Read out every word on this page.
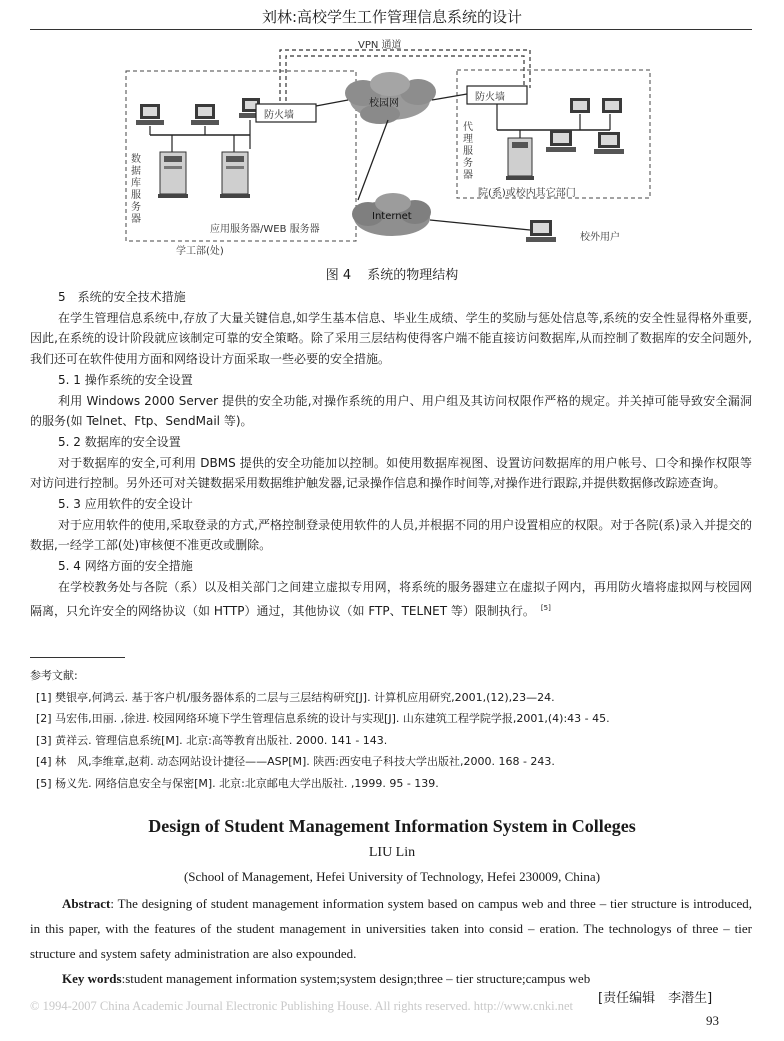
刘林:高校学生工作管理信息系统的设计
VPN 通道
校园网
Internet
防火墙
防火墙
数据库服务器
应用服务器/WEB 服务器
学工部(处)
代理服务器
院(系)或校内其它部门
校外用户
图 4 系统的物理结构

5　系统的安全技术措施

在学生管理信息系统中,存放了大量关键信息,如学生基本信息、毕业生成绩、学生的奖励与惩处信息等,系统的安全性显得格外重要,因此,在系统的设计阶段就应该制定可靠的安全策略。除了采用三层结构使得客户端不能直接访问数据库,从而控制了数据库的安全问题外,我们还可在软件使用方面和网络设计方面采取一些必要的安全措施。

5. 1 操作系统的安全设置

利用 Windows 2000 Server 提供的安全功能,对操作系统的用户、用户组及其访问权限作严格的规定。并关掉可能导致安全漏洞的服务(如 Telnet、Ftp、SendMail 等)。

5. 2 数据库的安全设置

对于数据库的安全,可利用 DBMS 提供的安全功能加以控制。如使用数据库视图、设置访问数据库的用户帐号、口令和操作权限等对访问进行控制。另外还可对关键数据采用数据维护触发器,记录操作信息和操作时间等,对操作进行跟踪,并提供数据修改踪迹查询。

5. 3 应用软件的安全设计

对于应用软件的使用,采取登录的方式,严格控制登录使用软件的人员,并根据不同的用户设置相应的权限。对于各院(系)录入并提交的数据,一经学工部(处)审核便不准更改或删除。

5. 4 网络方面的安全措施

在学校教务处与各院（系）以及相关部门之间建立虚拟专用网，将系统的服务器建立在虚拟子网内，再用防火墙将虚拟网与校园网隔离，只允许安全的网络协议（如 HTTP）通过，其他协议（如 FTP、TELNET 等）限制执行。 [5]

参考文献:

[1] 樊银亭,何鸿云. 基于客户机/服务器体系的二层与三层结构研究[J]. 计算机应用研究,2001,(12),23—24.

[2] 马宏伟,田丽. ,徐进. 校园网络环境下学生管理信息系统的设计与实现[J]. 山东建筑工程学院学报,2001,(4):43 - 45.

[3] 黄祥云. 管理信息系统[M]. 北京:高等教育出版社. 2000. 141 - 143.

[4] 林　风,李维章,赵莉. 动态网站设计捷径——ASP[M]. 陕西:西安电子科技大学出版社,2000. 168 - 243.

[5] 杨义先. 网络信息安全与保密[M]. 北京:北京邮电大学出版社. ,1999. 95 - 139.

Design of Student Management Information System in Colleges
LIU Lin
(School of Management, Hefei University of Technology, Hefei 230009, China)

Abstract: The designing of student management information system based on campus web and three – tier structure is introduced, in this paper, with the features of the student management in universities taken into consid – eration. The technologys of three – tier structure and system safety administration are also expounded.

Key words:student management information system;system design;three – tier structure;campus web

[责任编辑　李潜生]
© 1994-2007 China Academic Journal Electronic Publishing House. All rights reserved. http://www.cnki.net
93
